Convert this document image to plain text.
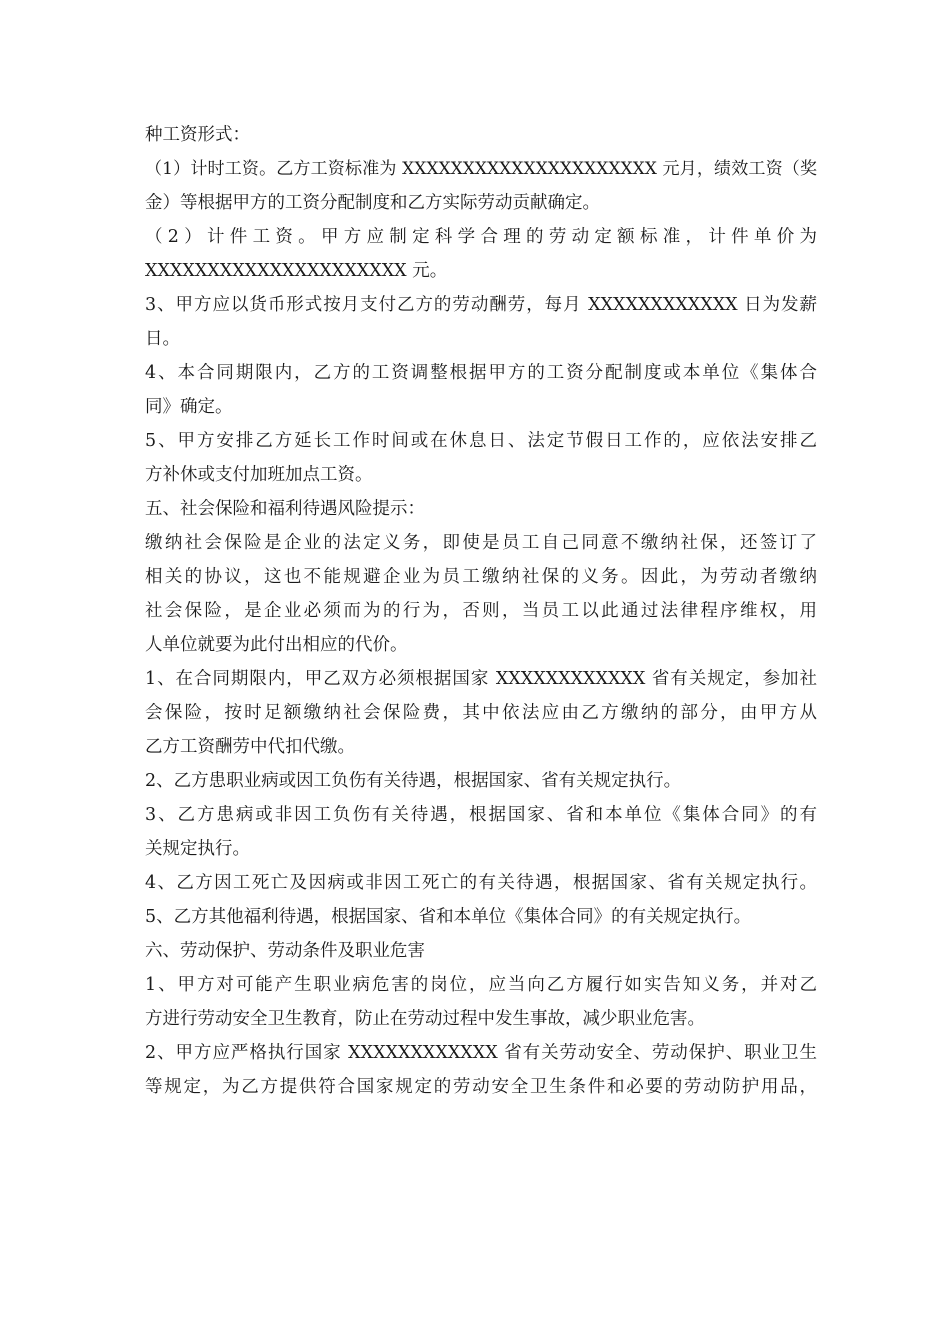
种工资形式：
（1）计时工资。乙方工资标准为 XXXXXXXXXXXXXXXXXXXXX 元月，绩效工资（奖
金）等根据甲方的工资分配制度和乙方实际劳动贡献确定。
（2）计件工资。甲方应制定科学合理的劳动定额标准，计件单价为
XXXXXXXXXXXXXXXXXXXXX 元。
3、甲方应以货币形式按月支付乙方的劳动酬劳，每月 XXXXXXXXXXXX 日为发薪
日。
4、本合同期限内，乙方的工资调整根据甲方的工资分配制度或本单位《集体合
同》确定。
5、甲方安排乙方延长工作时间或在休息日、法定节假日工作的，应依法安排乙
方补休或支付加班加点工资。
五、社会保险和福利待遇风险提示：
缴纳社会保险是企业的法定义务，即使是员工自己同意不缴纳社保，还签订了
相关的协议，这也不能规避企业为员工缴纳社保的义务。因此，为劳动者缴纳
社会保险，是企业必须而为的行为，否则，当员工以此通过法律程序维权，用
人单位就要为此付出相应的代价。
1、在合同期限内，甲乙双方必须根据国家 XXXXXXXXXXXX 省有关规定，参加社
会保险，按时足额缴纳社会保险费，其中依法应由乙方缴纳的部分，由甲方从
乙方工资酬劳中代扣代缴。
2、乙方患职业病或因工负伤有关待遇，根据国家、省有关规定执行。
3、乙方患病或非因工负伤有关待遇，根据国家、省和本单位《集体合同》的有
关规定执行。
4、乙方因工死亡及因病或非因工死亡的有关待遇，根据国家、省有关规定执行。
5、乙方其他福利待遇，根据国家、省和本单位《集体合同》的有关规定执行。
六、劳动保护、劳动条件及职业危害
1、甲方对可能产生职业病危害的岗位，应当向乙方履行如实告知义务，并对乙
方进行劳动安全卫生教育，防止在劳动过程中发生事故，减少职业危害。
2、甲方应严格执行国家 XXXXXXXXXXXX 省有关劳动安全、劳动保护、职业卫生
等规定，为乙方提供符合国家规定的劳动安全卫生条件和必要的劳动防护用品，
